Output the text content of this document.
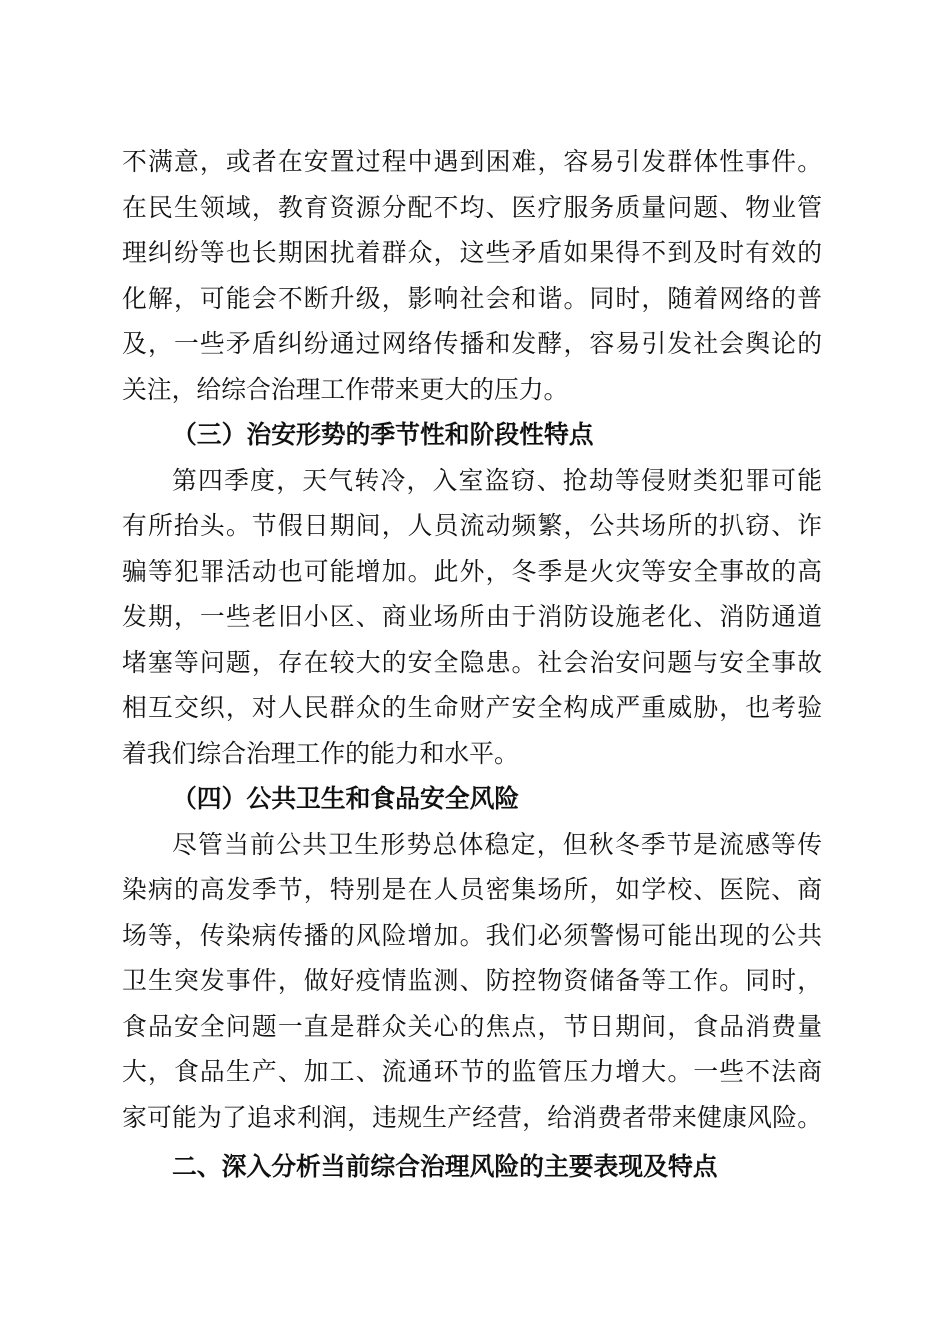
不满意，或者在安置过程中遇到困难，容易引发群体性事件。
在民生领域，教育资源分配不均、医疗服务质量问题、物业管
理纠纷等也长期困扰着群众，这些矛盾如果得不到及时有效的
化解，可能会不断升级，影响社会和谐。同时，随着网络的普
及，一些矛盾纠纷通过网络传播和发酵，容易引发社会舆论的
关注，给综合治理工作带来更大的压力。
（三）治安形势的季节性和阶段性特点
第四季度，天气转冷，入室盗窃、抢劫等侵财类犯罪可能
有所抬头。节假日期间，人员流动频繁，公共场所的扒窃、诈
骗等犯罪活动也可能增加。此外，冬季是火灾等安全事故的高
发期，一些老旧小区、商业场所由于消防设施老化、消防通道
堵塞等问题，存在较大的安全隐患。社会治安问题与安全事故
相互交织，对人民群众的生命财产安全构成严重威胁，也考验
着我们综合治理工作的能力和水平。
（四）公共卫生和食品安全风险
尽管当前公共卫生形势总体稳定，但秋冬季节是流感等传
染病的高发季节，特别是在人员密集场所，如学校、医院、商
场等，传染病传播的风险增加。我们必须警惕可能出现的公共
卫生突发事件，做好疫情监测、防控物资储备等工作。同时，
食品安全问题一直是群众关心的焦点，节日期间，食品消费量
大，食品生产、加工、流通环节的监管压力增大。一些不法商
家可能为了追求利润，违规生产经营，给消费者带来健康风险。
二、深入分析当前综合治理风险的主要表现及特点
